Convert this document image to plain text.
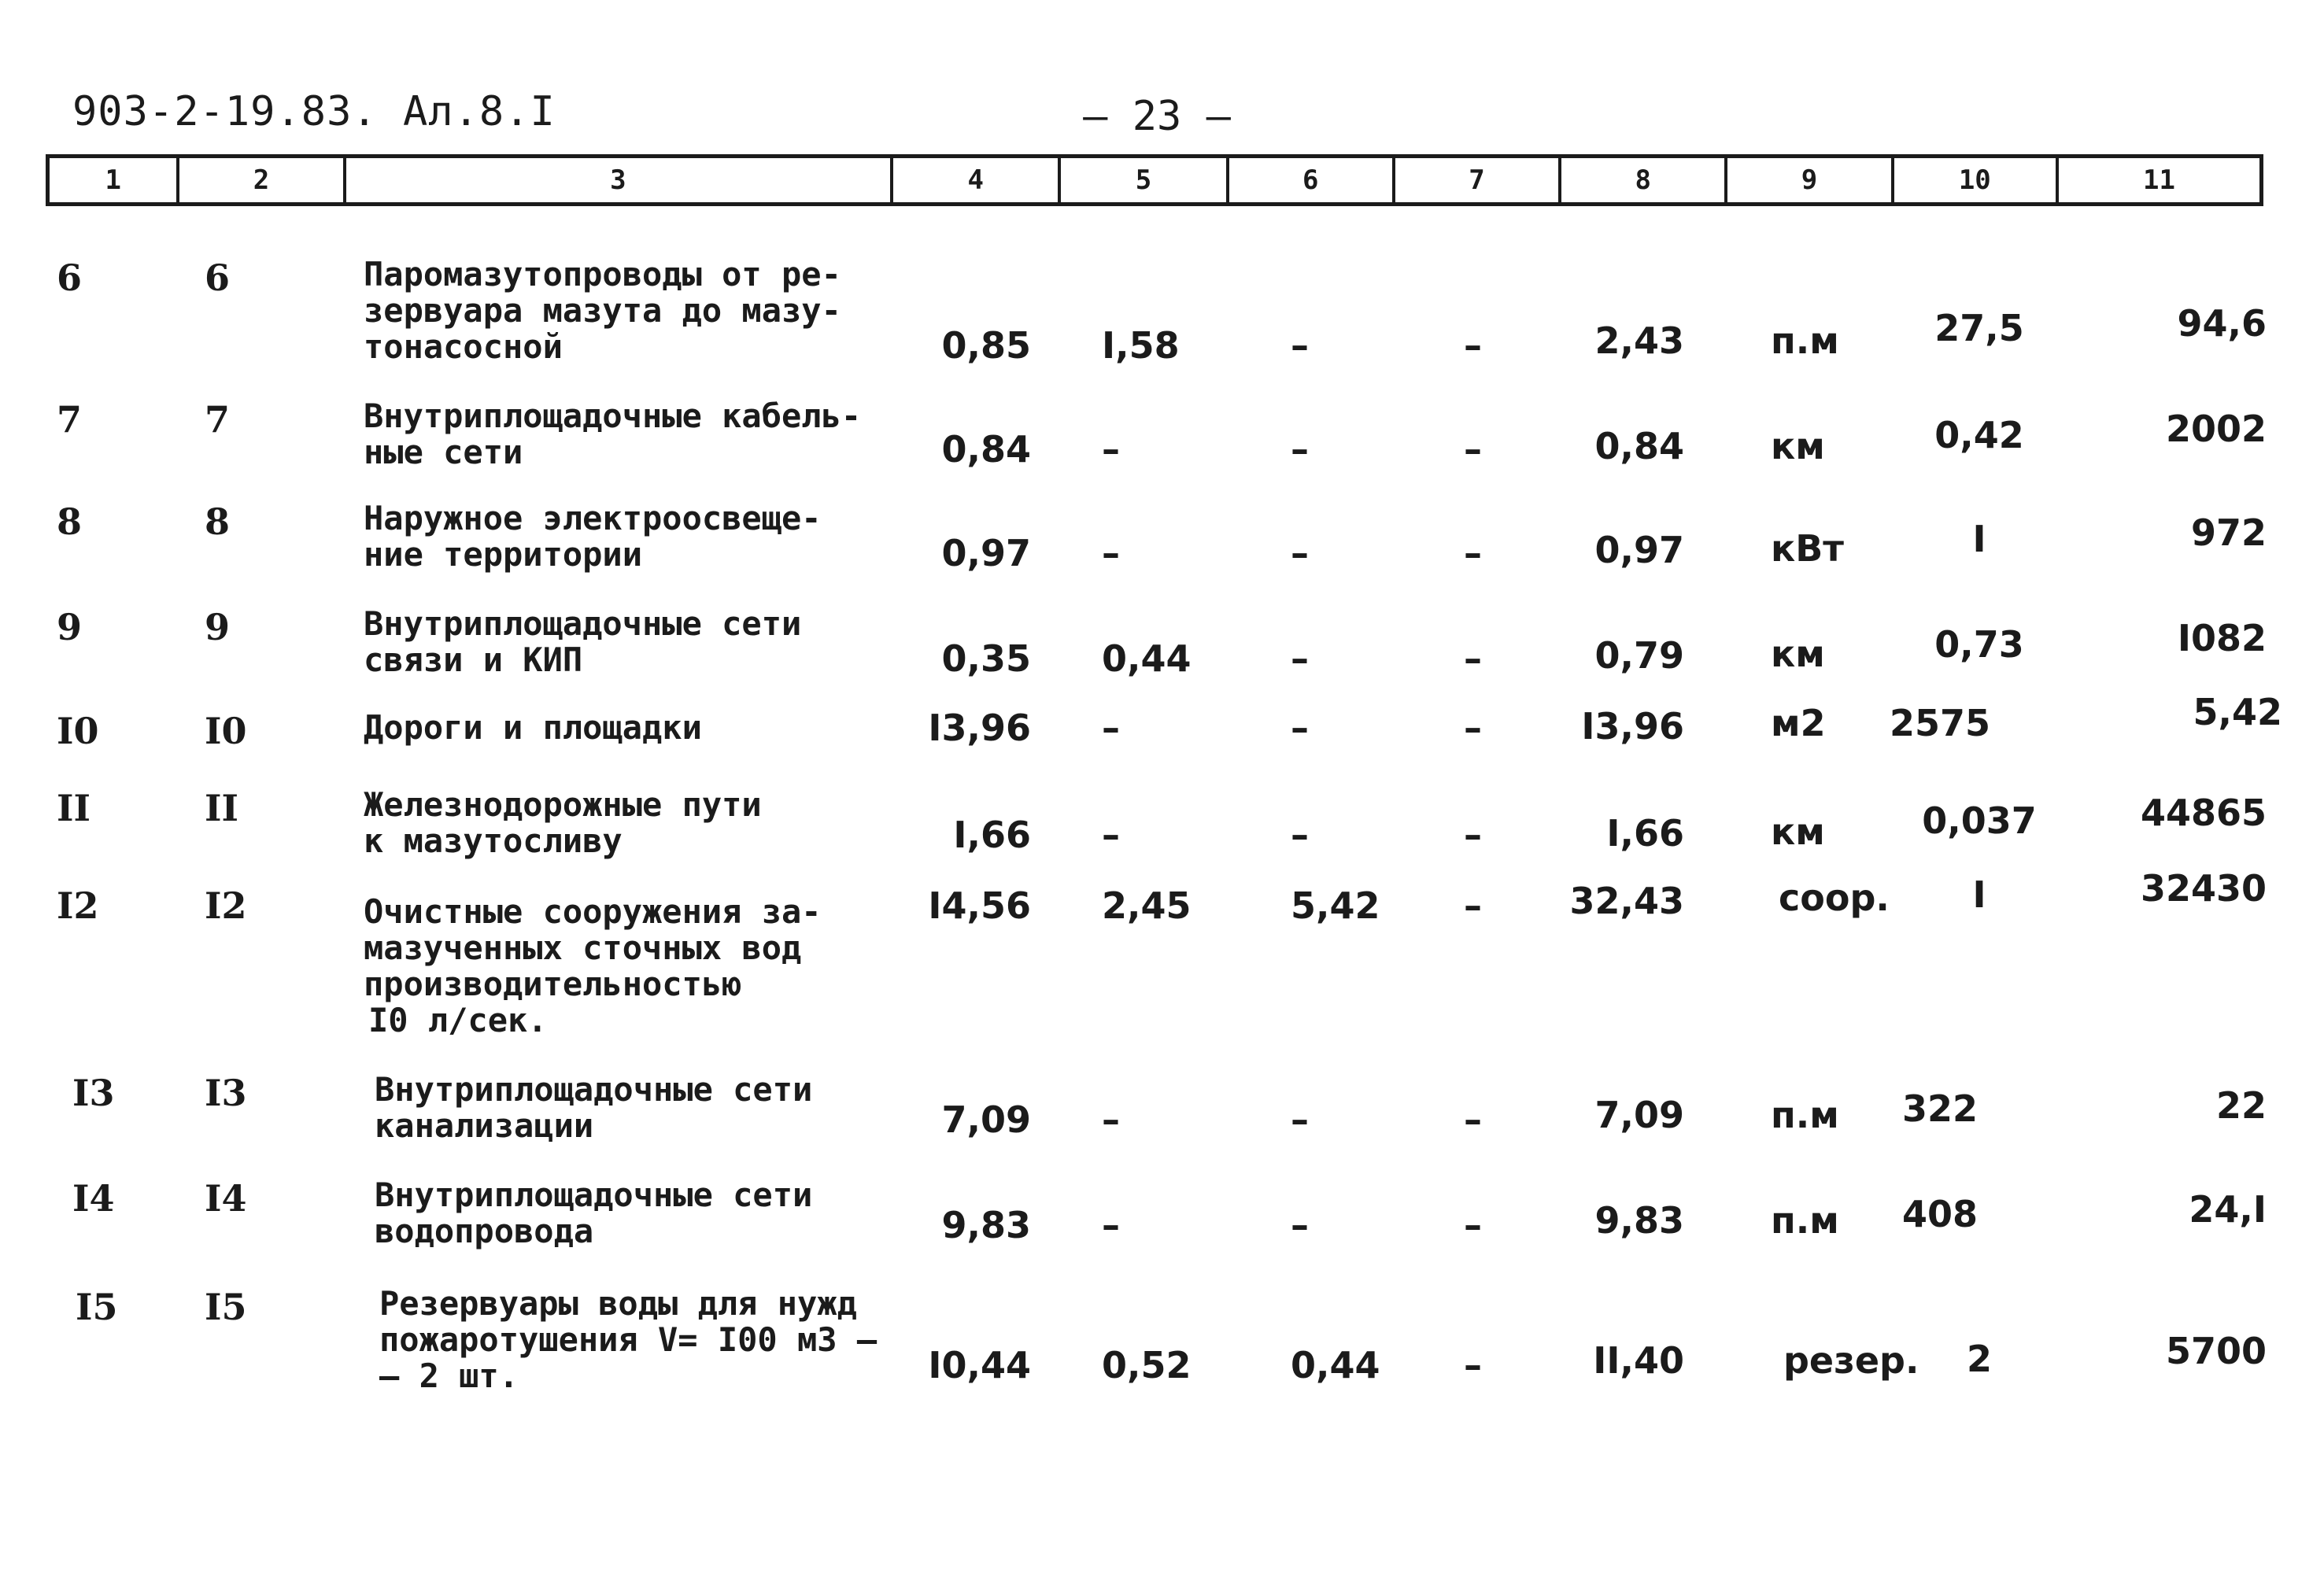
903-2-19.83. Ал.8.I	— 23 —
1	2	3	4	5	6	7	8	9	10	11
6	6	Паромазутопроводы от ре-
зервуара мазута до мазу-
тонасосной	0,85 I,58	–	–	2,43 п.м	27,5	94,6
7	7	Внутриплощадочные кабель-
ные сети	0,84 –	–	–	0,84 км	0,42	2002
8	8	Наружное электроосвеще-
ние территории	0,97 –	–	–	0,97 кВт	I	972
9	9	Внутриплощадочные сети
связи и КИП	0,35 0,44	–	–	0,79 км	0,73	I082
I0	I0	Дороги и площадки	I3,96 –	–	–	I3,96 м2	2575	5,42
II	II	Железнодорожные пути
к мазутосливу	I,66 –	–	–	I,66 км	0,037	44865
I2	I2	Очистные сооружения за-
мазученных сточных вод
производительностью
I0 л/сек.
I4,56 2,45	5,42	–	32,43	соор.	I	32430
I3 I3	Внутриплощадочные сети
канализации	7,09 –	–	–	7,09 п.м	322	22
I4 I4	Внутриплощадочные сети
водопровода	9,83 –	–	–	9,83 п.м	408	24,I
I5 I5	Резервуары воды для нужд
пожаротушения V= I00 м3 –
– 2 шт.	I0,44 0,52	0,44	–	II,40	резер.	2	5700
